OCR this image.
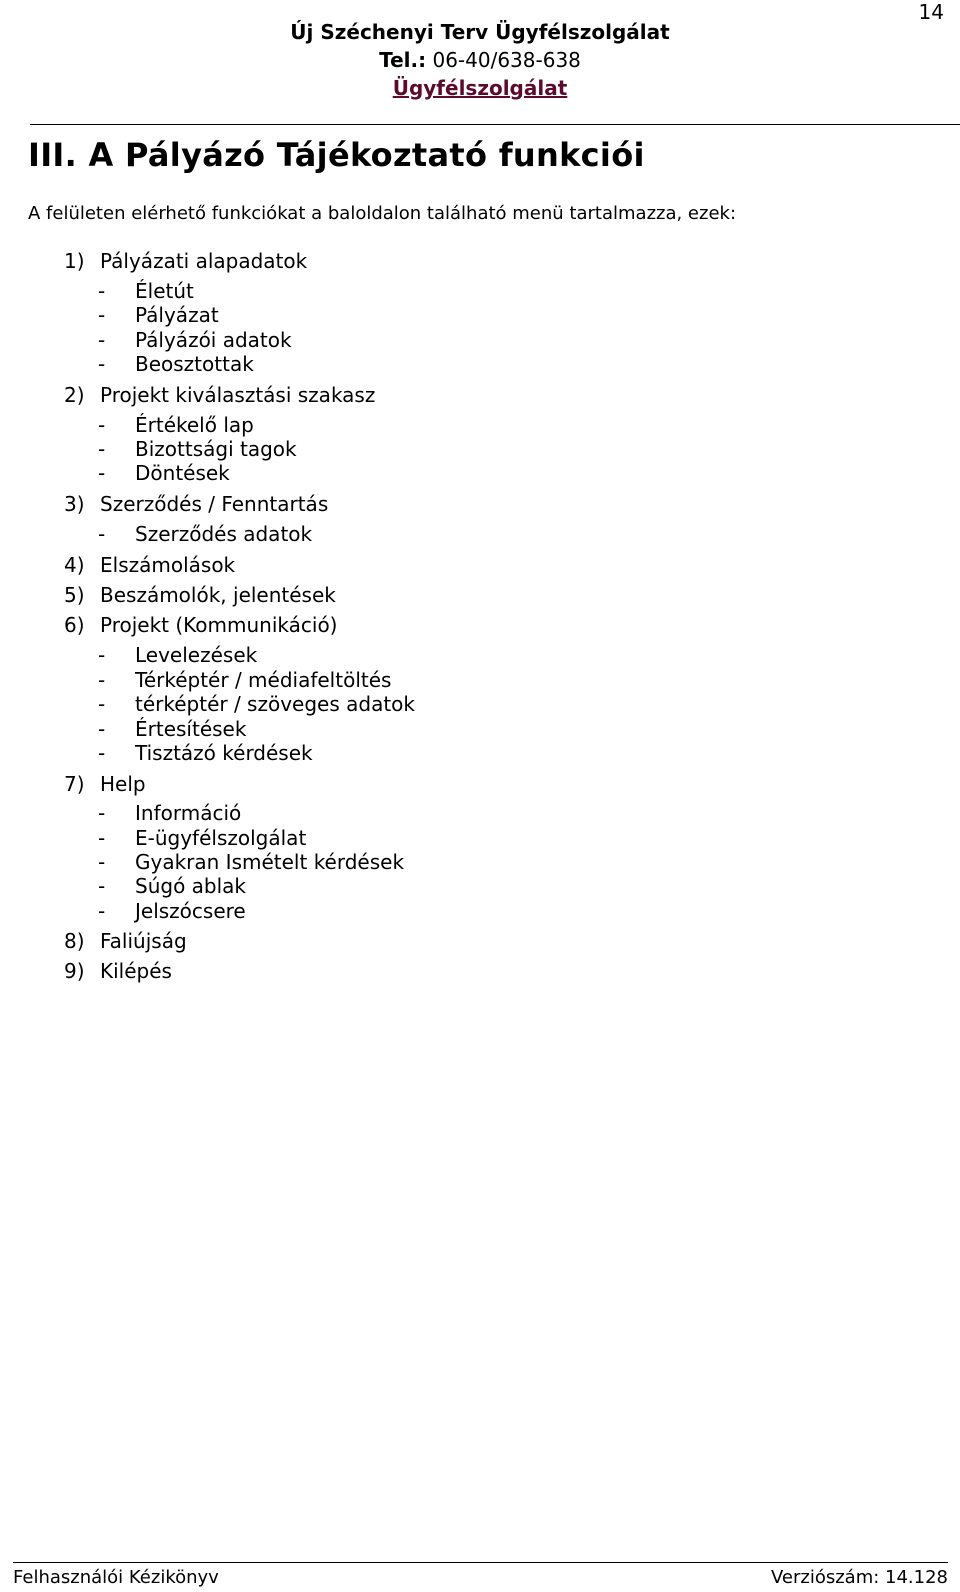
14
Új Széchenyi Terv Ügyfélszolgálat
Tel.: 06-40/638-638
Ügyfélszolgálat
III. A Pályázó Tájékoztató funkciói
A felületen elérhető funkciókat a baloldalon található menü tartalmazza, ezek:
1) Pályázati alapadatok
- Életút
- Pályázat
- Pályázói adatok
- Beosztottak
2) Projekt kiválasztási szakasz
- Értékelő lap
- Bizottsági tagok
- Döntések
3) Szerződés / Fenntartás
- Szerződés adatok
4) Elszámolások
5) Beszámolók, jelentések
6) Projekt (Kommunikáció)
- Levelezések
- Térképtér / médiafeltöltés
- térképtér / szöveges adatok
- Értesítések
- Tisztázó kérdések
7) Help
- Információ
- E-ügyfélszolgálat
- Gyakran Ismételt kérdések
- Súgó ablak
- Jelszócsere
8) Faliújság
9) Kilépés
Felhasználói Kézikönyv	Verziószám: 14.128
